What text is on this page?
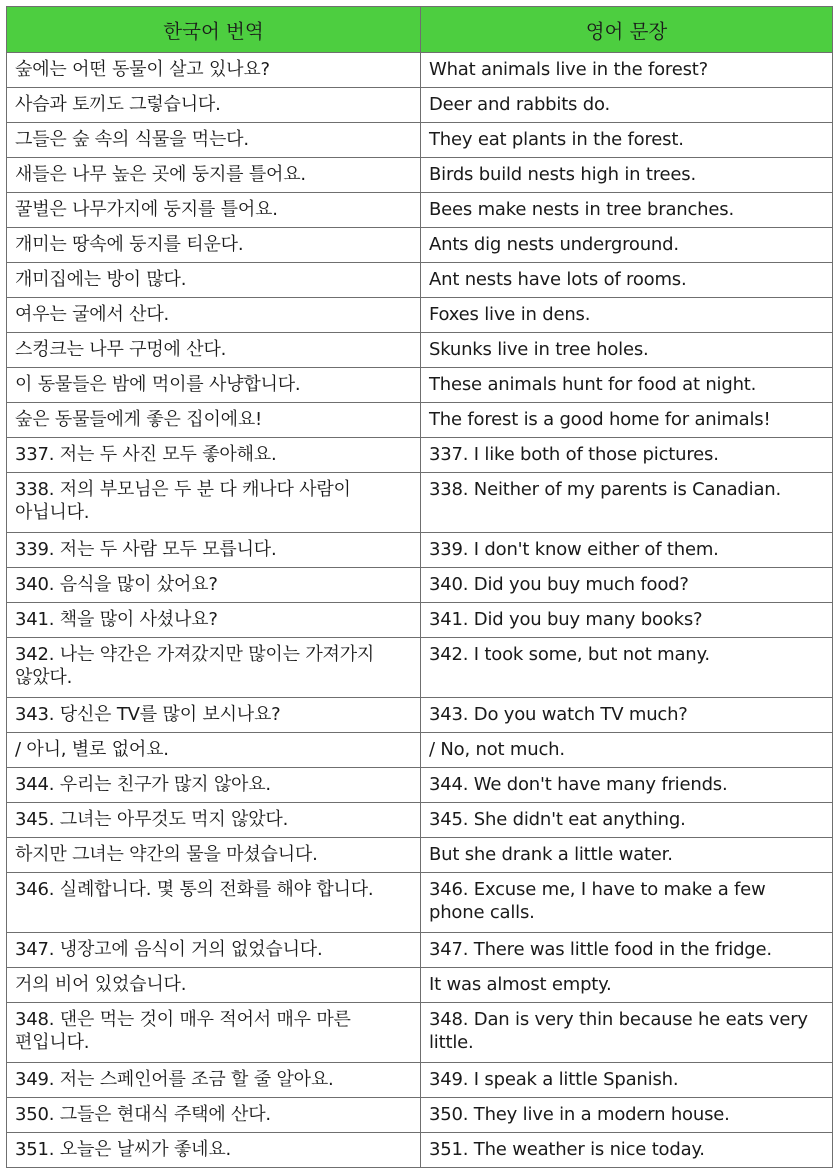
한국어 번역	영어 문장
숲에는 어떤 동물이 살고 있나요?	What animals live in the forest?
사슴과 토끼도 그렇습니다.	Deer and rabbits do.
그들은 숲 속의 식물을 먹는다.	They eat plants in the forest.
새들은 나무 높은 곳에 둥지를 틀어요.	Birds build nests high in trees.
꿀벌은 나무가지에 둥지를 틀어요.	Bees make nests in tree branches.
개미는 땅속에 둥지를 티운다.	Ants dig nests underground.
개미집에는 방이 많다.	Ant nests have lots of rooms.
여우는 굴에서 산다.	Foxes live in dens.
스컹크는 나무 구멍에 산다.	Skunks live in tree holes.
이 동물들은 밤에 먹이를 사냥합니다.	These animals hunt for food at night.
숲은 동물들에게 좋은 집이에요!	The forest is a good home for animals!
337. 저는 두 사진 모두 좋아해요.	337. I like both of those pictures.
338. 저의 부모님은 두 분 다 캐나다 사람이 아닙니다.	338. Neither of my parents is Canadian.
339. 저는 두 사람 모두 모릅니다.	339. I don't know either of them.
340. 음식을 많이 샀어요?	340. Did you buy much food?
341. 책을 많이 사셨나요?	341. Did you buy many books?
342. 나는 약간은 가져갔지만 많이는 가져가지 않았다.	342. I took some, but not many.
343. 당신은 TV를 많이 보시나요?	343. Do you watch TV much?
/ 아니, 별로 없어요.	/ No, not much.
344. 우리는 친구가 많지 않아요.	344. We don't have many friends.
345. 그녀는 아무것도 먹지 않았다.	345. She didn't eat anything.
하지만 그녀는 약간의 물을 마셨습니다.	But she drank a little water.
346. 실례합니다. 몇 통의 전화를 해야 합니다.	346. Excuse me, I have to make a few phone calls.
347. 냉장고에 음식이 거의 없었습니다.	347. There was little food in the fridge.
거의 비어 있었습니다.	It was almost empty.
348. 댄은 먹는 것이 매우 적어서 매우 마른 편입니다.	348. Dan is very thin because he eats very little.
349. 저는 스페인어를 조금 할 줄 알아요.	349. I speak a little Spanish.
350. 그들은 현대식 주택에 산다.	350. They live in a modern house.
351. 오늘은 날씨가 좋네요.	351. The weather is nice today.
